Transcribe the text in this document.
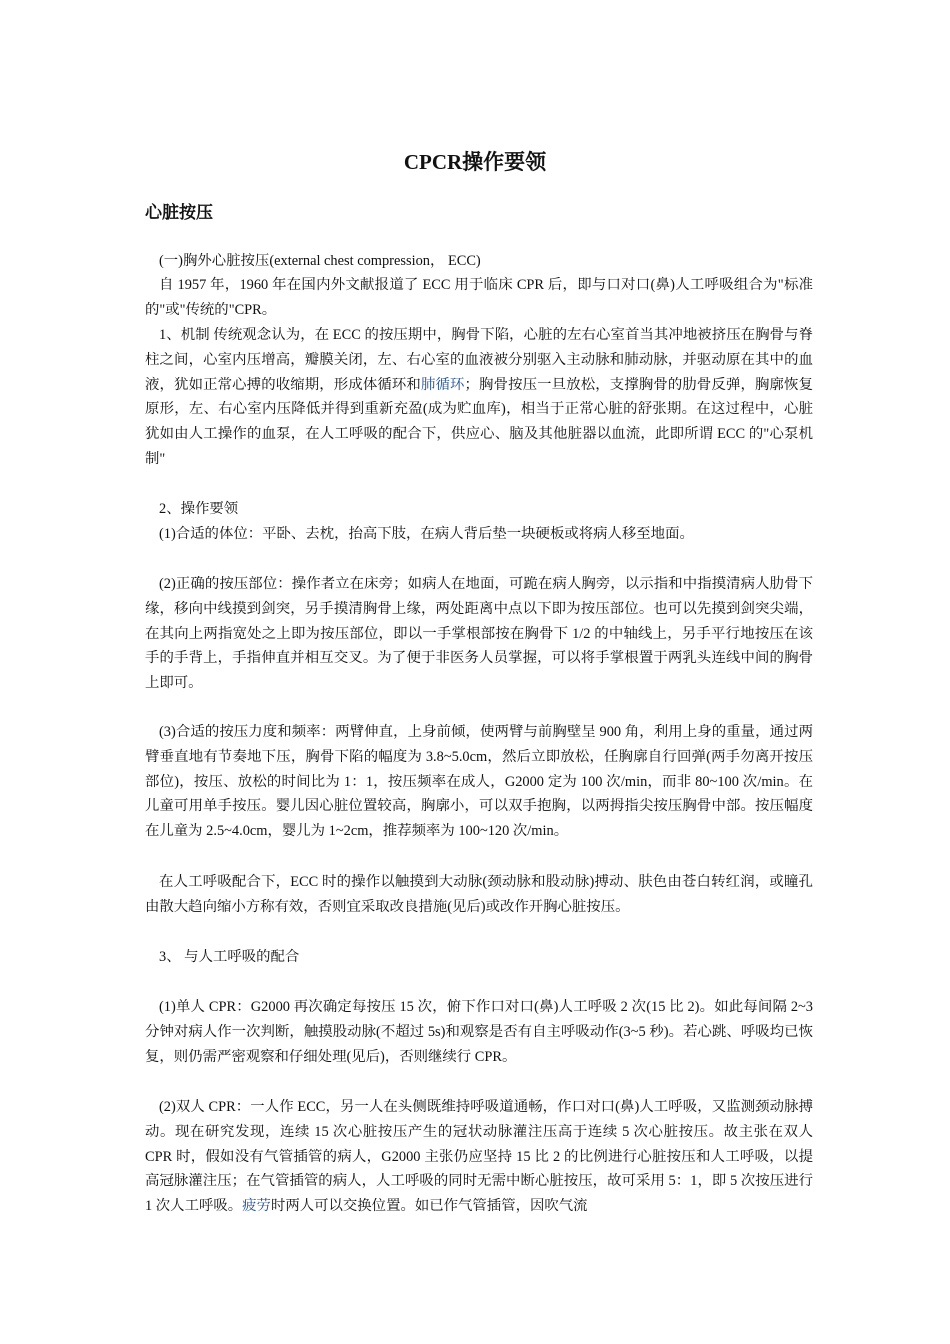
CPCR操作要领
心脏按压

(一)胸外心脏按压(external chest compression， ECC)

自 1957 年，1960 年在国内外文献报道了 ECC 用于临床 CPR 后，即与口对口(鼻)人工呼吸组合为"标准的"或"传统的"CPR。

1、机制 传统观念认为，在 ECC 的按压期中，胸骨下陷，心脏的左右心室首当其冲地被挤压在胸骨与脊柱之间，心室内压增高，瓣膜关闭，左、右心室的血液被分别驱入主动脉和肺动脉，并驱动原在其中的血液，犹如正常心搏的收缩期，形成体循环和肺循环；胸骨按压一旦放松，支撑胸骨的肋骨反弹，胸廓恢复原形，左、右心室内压降低并得到重新充盈(成为贮血库)，相当于正常心脏的舒张期。在这过程中，心脏犹如由人工操作的血泵，在人工呼吸的配合下，供应心、脑及其他脏器以血流，此即所谓 ECC 的"心泵机制"

2、操作要领

(1)合适的体位：平卧、去枕，抬高下肢，在病人背后垫一块硬板或将病人移至地面。

(2)正确的按压部位：操作者立在床旁；如病人在地面，可跪在病人胸旁，以示指和中指摸清病人肋骨下缘，移向中线摸到剑突，另手摸清胸骨上缘，两处距离中点以下即为按压部位。也可以先摸到剑突尖端，在其向上两指宽处之上即为按压部位，即以一手掌根部按在胸骨下 1/2 的中轴线上，另手平行地按压在该手的手背上，手指伸直并相互交叉。为了便于非医务人员掌握，可以将手掌根置于两乳头连线中间的胸骨上即可。

(3)合适的按压力度和频率：两臂伸直，上身前倾，使两臂与前胸壁呈 900 角，利用上身的重量，通过两臂垂直地有节奏地下压，胸骨下陷的幅度为 3.8~5.0cm，然后立即放松，任胸廓自行回弹(两手勿离开按压部位)，按压、放松的时间比为 1：1，按压频率在成人，G2000 定为 100 次/min，而非 80~100 次/min。在儿童可用单手按压。婴儿因心脏位置较高，胸廓小，可以双手抱胸，以两拇指尖按压胸骨中部。按压幅度在儿童为 2.5~4.0cm，婴儿为 1~2cm，推荐频率为 100~120 次/min。

在人工呼吸配合下，ECC 时的操作以触摸到大动脉(颈动脉和股动脉)搏动、肤色由苍白转红润，或瞳孔由散大趋向缩小方称有效，否则宜采取改良措施(见后)或改作开胸心脏按压。

3、 与人工呼吸的配合

(1)单人 CPR：G2000 再次确定每按压 15 次，俯下作口对口(鼻)人工呼吸 2 次(15 比 2)。如此每间隔 2~3 分钟对病人作一次判断，触摸股动脉(不超过 5s)和观察是否有自主呼吸动作(3~5 秒)。若心跳、呼吸均已恢复，则仍需严密观察和仔细处理(见后)，否则继续行 CPR。

(2)双人 CPR：一人作 ECC，另一人在头侧既维持呼吸道通畅，作口对口(鼻)人工呼吸，又监测颈动脉搏动。现在研究发现，连续 15 次心脏按压产生的冠状动脉灌注压高于连续 5 次心脏按压。故主张在双人 CPR 时，假如没有气管插管的病人，G2000 主张仍应坚持 15 比 2 的比例进行心脏按压和人工呼吸，以提高冠脉灌注压；在气管插管的病人，人工呼吸的同时无需中断心脏按压，故可采用 5：1，即 5 次按压进行 1 次人工呼吸。疲劳时两人可以交换位置。如已作气管插管，因吹气流
